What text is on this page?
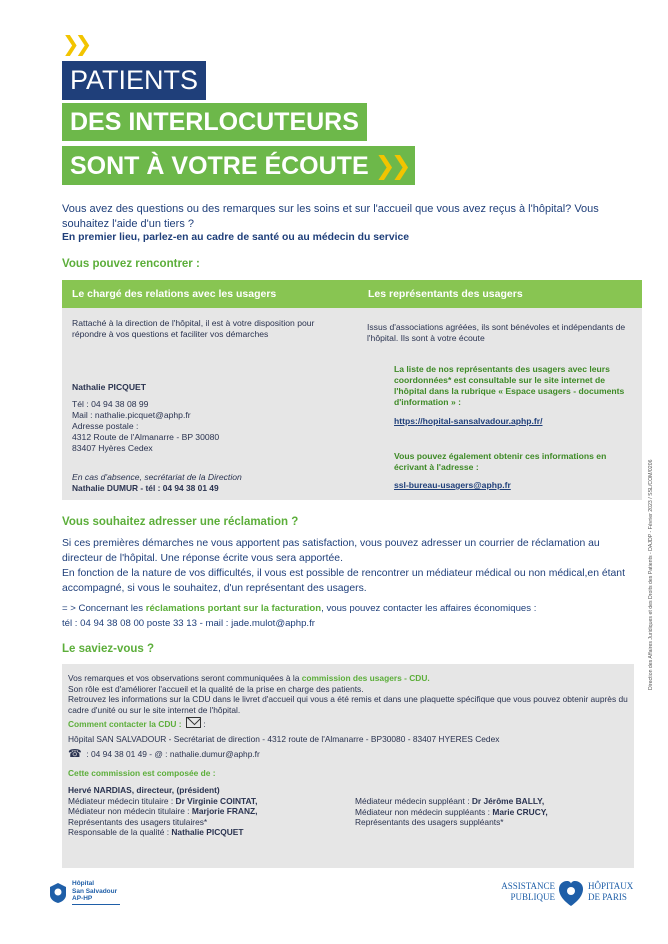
❯❯
PATIENTS
DES INTERLOCUTEURS
SONT À VOTRE ÉCOUTE ❯❯
Vous avez des questions ou des remarques sur les soins et sur l'accueil que vous avez reçus à l'hôpital? Vous souhaitez l'aide d'un tiers ?
En premier lieu, parlez-en au cadre de santé ou au médecin du service
Vous pouvez rencontrer :
Le chargé des relations avec les usagers	Les représentants des usagers
Rattaché à la direction de l'hôpital, il est à votre disposition pour répondre à vos questions et faciliter vos démarches
Nathalie PICQUET
Tél : 04 94 38 08 99
Mail : nathalie.picquet@aphp.fr
Adresse postale :
4312 Route de l'Almanarre - BP 30080
83407 Hyères Cedex
En cas d'absence, secrétariat de la Direction
Nathalie DUMUR - tél : 04 94 38 01 49
Issus d'associations agréées, ils sont bénévoles et indépendants de l'hôpital. Ils sont à votre écoute
La liste de nos représentants des usagers avec leurs coordonnées* est consultable sur le site internet de l'hôpital dans la rubrique « Espace usagers - documents d'information » :
https://hopital-sansalvadour.aphp.fr/
Vous pouvez également obtenir ces informations en écrivant à l'adresse :
ssl-bureau-usagers@aphp.fr
Vous souhaitez adresser une réclamation ?
Si ces premières démarches ne vous apportent pas satisfaction, vous pouvez adresser un courrier de réclamation au directeur de l'hôpital. Une réponse écrite vous sera apportée.
En fonction de la nature de vos difficultés, il vous est possible de rencontrer un médiateur médical ou non médical,en étant accompagné, si vous le souhaitez, d'un représentant des usagers.
= > Concernant les réclamations portant sur la facturation, vous pouvez contacter les affaires économiques :
tél : 04 94 38 08 00 poste 33 13 - mail : jade.mulot@aphp.fr
Le saviez-vous ?
Vos remarques et vos observations seront communiquées à la commission des usagers - CDU.
Son rôle est d'améliorer l'accueil et la qualité de la prise en charge des patients.
Retrouvez les informations sur la CDU dans le livret d'accueil qui vous a été remis et dans une plaquette spécifique que vous pouvez obtenir auprès du cadre d'unité ou sur le site internet de l'hôpital.
Comment contacter la CDU :
:
Hôpital SAN SALVADOUR - Secrétariat de direction - 4312 route de l'Almanarre - BP30080 - 83407 HYERES Cedex
☎ : 04 94 38 01 49 - @ : nathalie.dumur@aphp.fr
Cette commission est composée de :
Hervé NARDIAS, directeur, (président)
Médiateur médecin titulaire : Dr Virginie COINTAT,
Médiateur non médecin titulaire : Marjorie FRANZ,
Représentants des usagers titulaires*
Responsable de la qualité : Nathalie PICQUET
Médiateur médecin suppléant : Dr Jérôme BALLY,
Médiateur non médecin suppléants : Marie CRUCY,
Représentants des usagers suppléants*
Direction des Affaires Juridiques et des Droits des Patients - DAJDP - Février 2023 / SSL/COM/0206
Hôpital
San Salvadour
AP-HP
ASSISTANCE
PUBLIQUE
HÔPITAUX
DE PARIS
